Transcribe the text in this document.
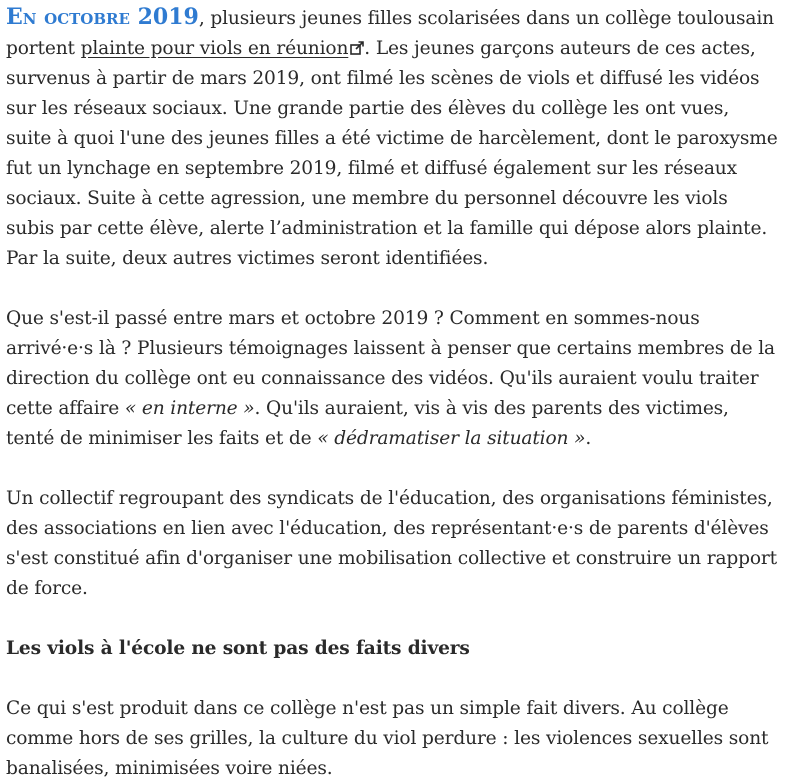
En octobre 2019, plusieurs jeunes filles scolarisées dans un collège toulousain portent plainte pour viols en réunion . Les jeunes garçons auteurs de ces actes, survenus à partir de mars 2019, ont filmé les scènes de viols et diffusé les vidéos sur les réseaux sociaux. Une grande partie des élèves du collège les ont vues, suite à quoi l'une des jeunes filles a été victime de harcèlement, dont le paroxysme fut un lynchage en septembre 2019, filmé et diffusé également sur les réseaux sociaux. Suite à cette agression, une membre du personnel découvre les viols subis par cette élève, alerte l’administration et la famille qui dépose alors plainte. Par la suite, deux autres victimes seront identifiées.

Que s'est-il passé entre mars et octobre 2019 ? Comment en sommes-nous arrivé·e·s là ? Plusieurs témoignages laissent à penser que certains membres de la direction du collège ont eu connaissance des vidéos. Qu'ils auraient voulu traiter cette affaire « en interne ». Qu'ils auraient, vis à vis des parents des victimes, tenté de minimiser les faits et de « dédramatiser la situation ».

Un collectif regroupant des syndicats de l'éducation, des organisations féministes, des associations en lien avec l'éducation, des représentant·e·s de parents d'élèves s'est constitué afin d'organiser une mobilisation collective et construire un rapport de force.

Les viols à l'école ne sont pas des faits divers

Ce qui s'est produit dans ce collège n'est pas un simple fait divers. Au collège comme hors de ses grilles, la culture du viol perdure : les violences sexuelles sont banalisées, minimisées voire niées.
